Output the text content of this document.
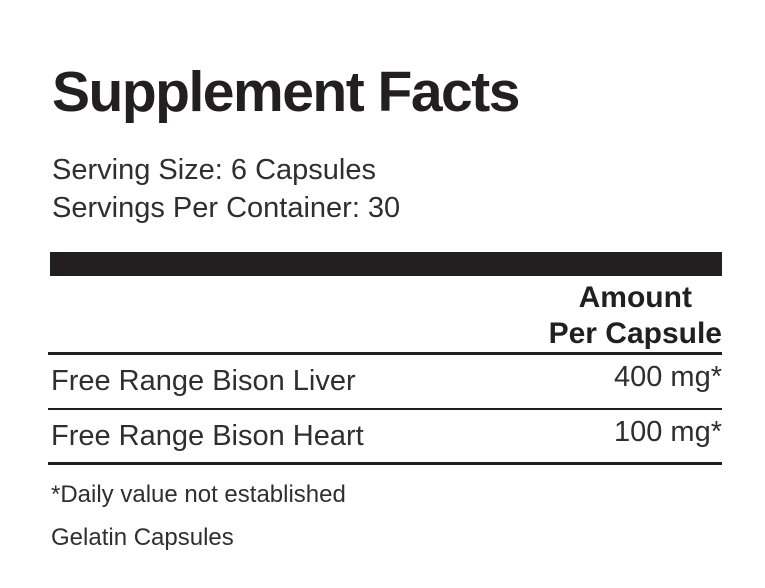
Supplement Facts
Serving Size: 6 Capsules
Servings Per Container: 30
Amount
Per Capsule
Free Range Bison Liver	400 mg*
Free Range Bison Heart	100 mg*
*Daily value not established
Gelatin Capsules
